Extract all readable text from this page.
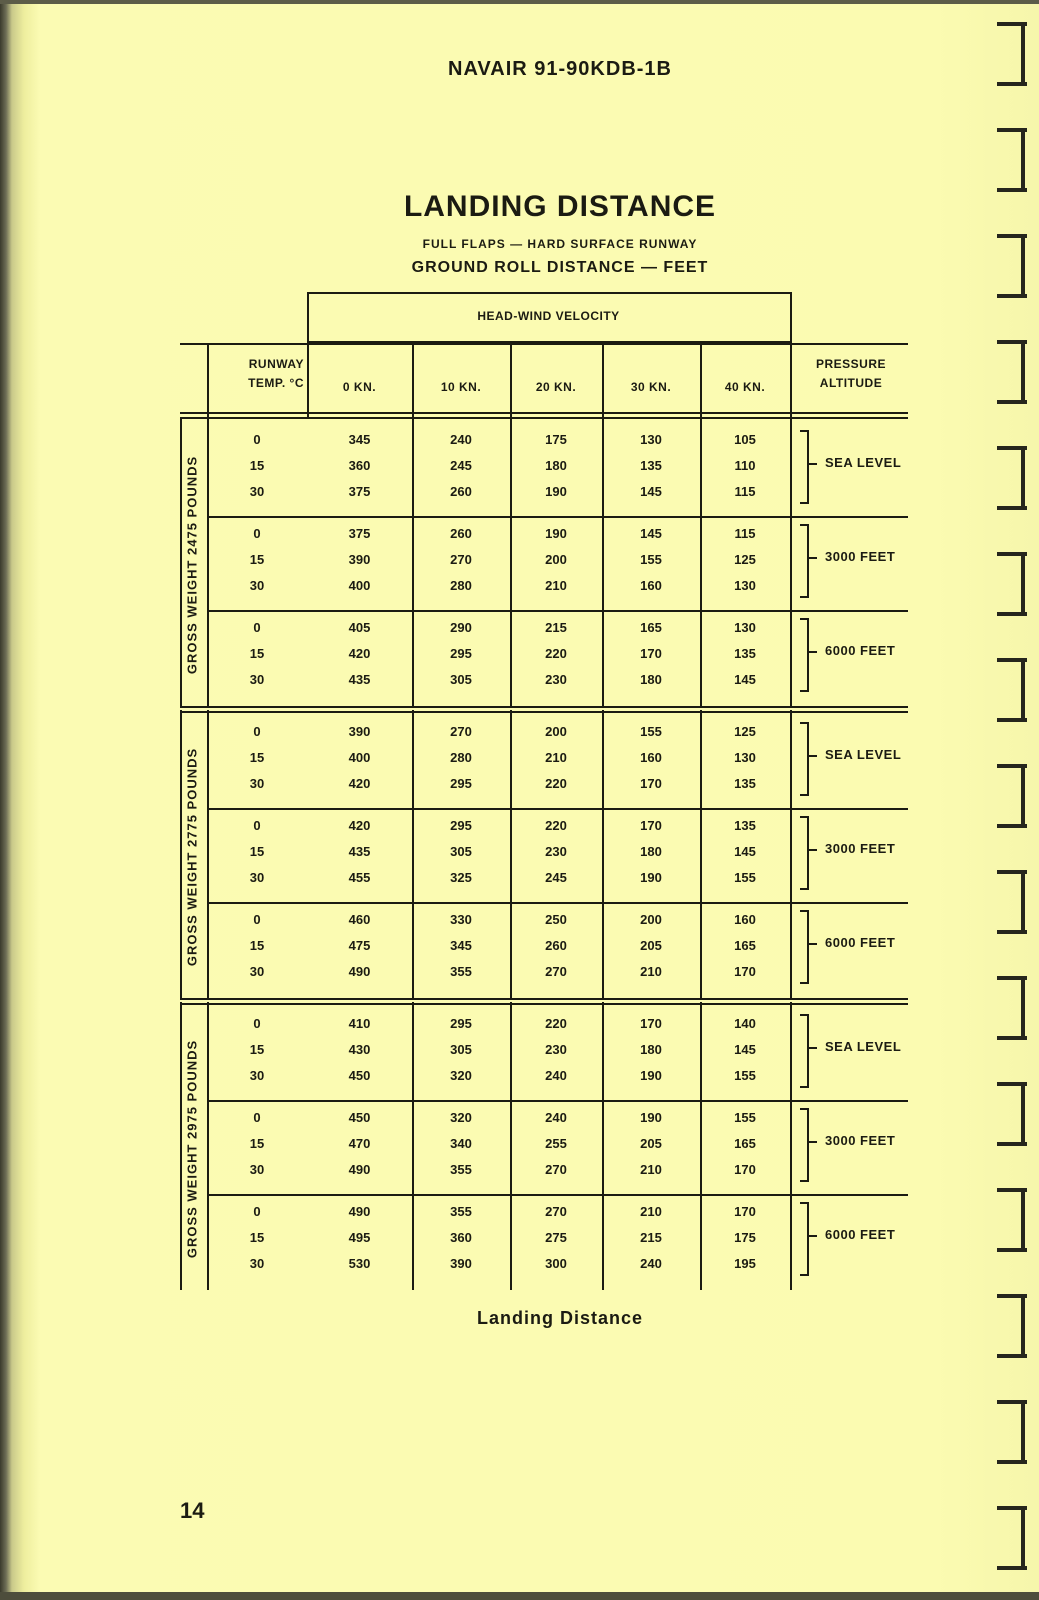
NAVAIR 91-90KDB-1B
LANDING DISTANCE
FULL FLAPS — HARD SURFACE RUNWAY
GROUND ROLL DISTANCE — FEET
HEAD-WIND VELOCITY
RUNWAY TEMP. °C	0 KN.	10 KN.	20 KN.	30 KN.	40 KN.
PRESSURE ALTITUDE
0	345	240	175	130	105
15	360	245	180	135	110
30	375	260	190	145	115
SEA LEVEL
0	375	260	190	145	115
15	390	270	200	155	125
30	400	280	210	160	130
3000 FEET
0	405	290	215	165	130
15	420	295	220	170	135
30	435	305	230	180	145
6000 FEET
GROSS WEIGHT 2475 POUNDS
0	390	270	200	155	125
15	400	280	210	160	130
30	420	295	220	170	135
SEA LEVEL
0	420	295	220	170	135
15	435	305	230	180	145
30	455	325	245	190	155
3000 FEET
0	460	330	250	200	160
15	475	345	260	205	165
30	490	355	270	210	170
6000 FEET
GROSS WEIGHT 2775 POUNDS
0	410	295	220	170	140
15	430	305	230	180	145
30	450	320	240	190	155
SEA LEVEL
0	450	320	240	190	155
15	470	340	255	205	165
30	490	355	270	210	170
3000 FEET
0	490	355	270	210	170
15	495	360	275	215	175
30	530	390	300	240	195
6000 FEET
GROSS WEIGHT 2975 POUNDS
Landing Distance
14
